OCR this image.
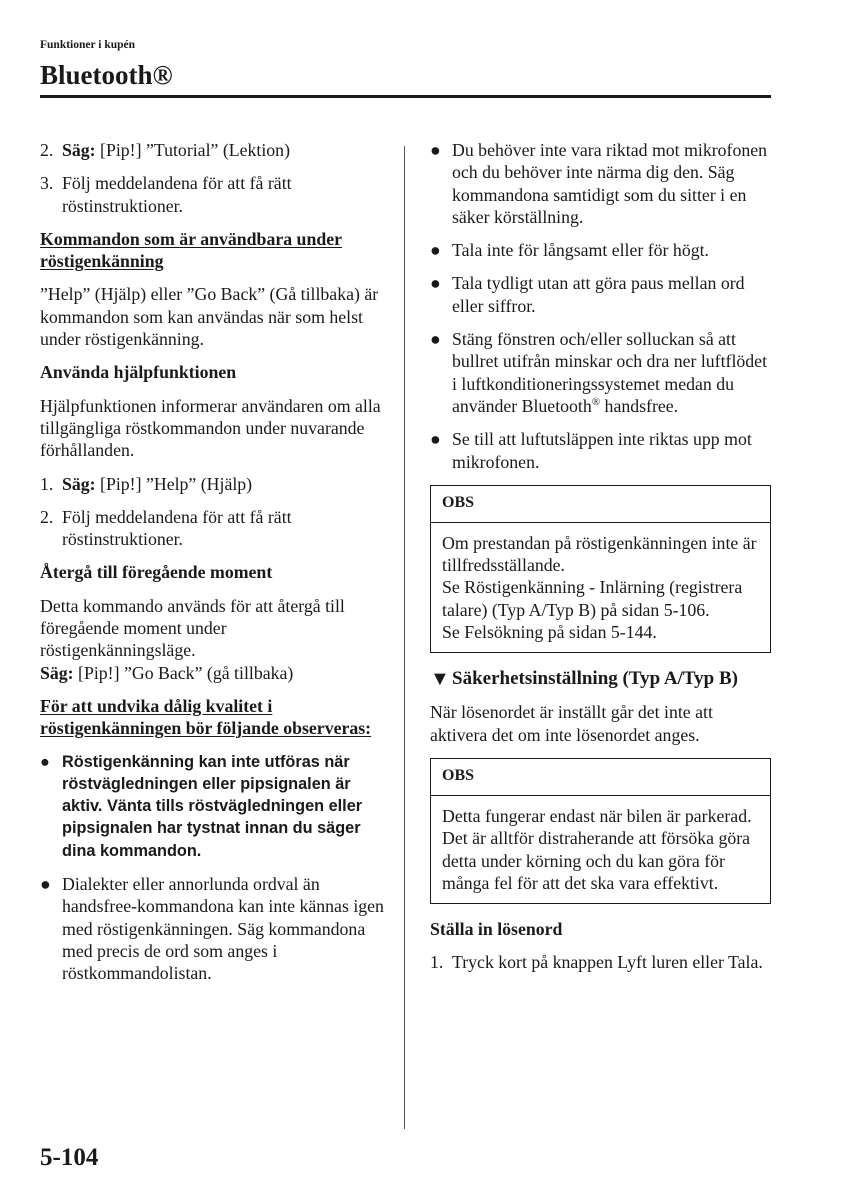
Funktioner i kupén
Bluetooth®
2. Säg: [Pip!] ”Tutorial” (Lektion)
3. Följ meddelandena för att få rätt röstinstruktioner.
Kommandon som är användbara under röstigenkänning
”Help” (Hjälp) eller ”Go Back” (Gå tillbaka) är kommandon som kan användas när som helst under röstigenkänning.
Använda hjälpfunktionen
Hjälpfunktionen informerar användaren om alla tillgängliga röstkommandon under nuvarande förhållanden.
1. Säg: [Pip!] ”Help” (Hjälp)
2. Följ meddelandena för att få rätt röstinstruktioner.
Återgå till föregående moment
Detta kommando används för att återgå till föregående moment under röstigenkänningsläge.
Säg: [Pip!] ”Go Back” (gå tillbaka)
För att undvika dålig kvalitet i röstigenkänningen bör följande observeras:
● Röstigenkänning kan inte utföras när röstvägledningen eller pipsignalen är aktiv. Vänta tills röstvägledningen eller pipsignalen har tystnat innan du säger dina kommandon.
● Dialekter eller annorlunda ordval än handsfree-kommandona kan inte kännas igen med röstigenkänningen. Säg kommandona med precis de ord som anges i röstkommandolistan.
● Du behöver inte vara riktad mot mikrofonen och du behöver inte närma dig den. Säg kommandona samtidigt som du sitter i en säker körställning.
● Tala inte för långsamt eller för högt.
● Tala tydligt utan att göra paus mellan ord eller siffror.
● Stäng fönstren och/eller solluckan så att bullret utifrån minskar och dra ner luftflödet i luftkonditioneringssystemet medan du använder Bluetooth® handsfree.
● Se till att luftutsläppen inte riktas upp mot mikrofonen.
OBS
Om prestandan på röstigenkänningen inte är tillfredsställande.
Se Röstigenkänning - Inlärning (registrera talare) (Typ A/Typ B) på sidan 5-106.
Se Felsökning på sidan 5-144.
▼ Säkerhetsinställning (Typ A/Typ B)
När lösenordet är inställt går det inte att aktivera det om inte lösenordet anges.
OBS
Detta fungerar endast när bilen är parkerad. Det är alltför distraherande att försöka göra detta under körning och du kan göra för många fel för att det ska vara effektivt.
Ställa in lösenord
1. Tryck kort på knappen Lyft luren eller Tala.
5-104
